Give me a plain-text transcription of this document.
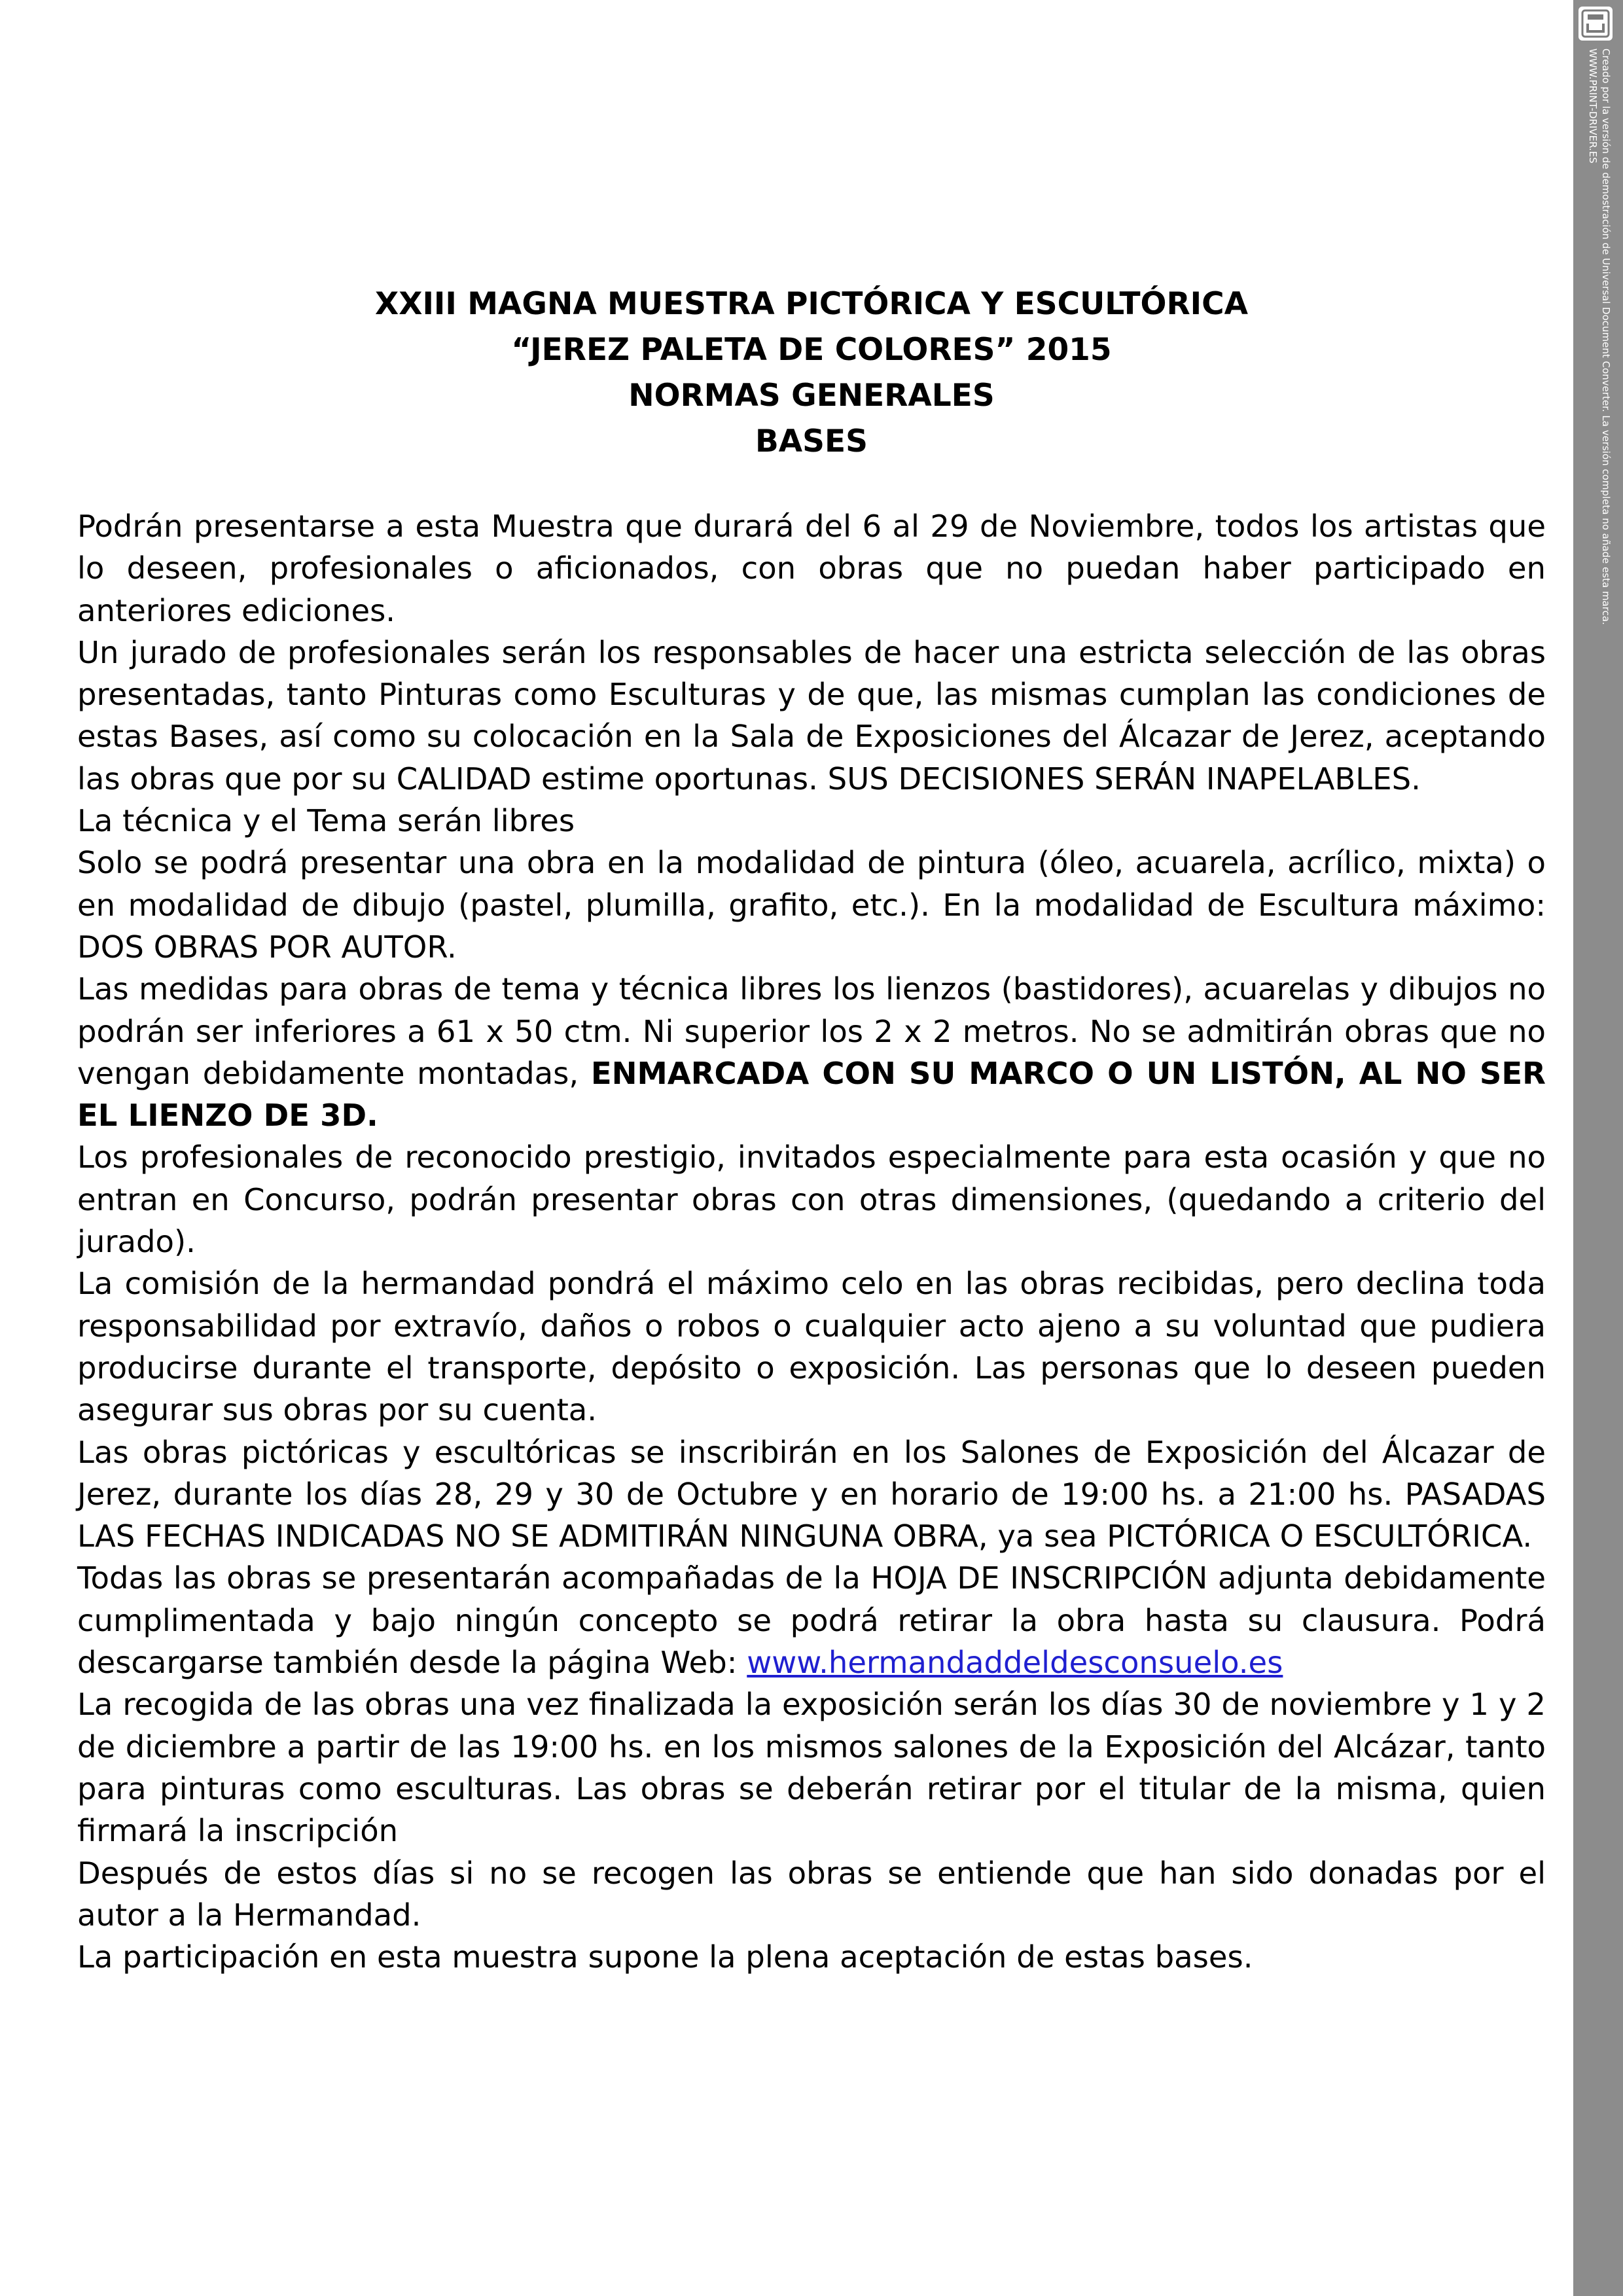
XXIII MAGNA MUESTRA PICTÓRICA Y ESCULTÓRICA
“JEREZ PALETA DE COLORES” 2015
NORMAS GENERALES
BASES

Podrán presentarse a esta Muestra que durará del 6 al 29 de Noviembre, todos los artistas que lo deseen, profesionales o aficionados, con obras que no puedan haber participado en anteriores ediciones.

Un jurado de profesionales serán los responsables de hacer una estricta selección de las obras presentadas, tanto Pinturas como Esculturas y de que, las mismas cumplan las condiciones de estas Bases, así como su colocación en la Sala de Exposiciones del Álcazar de Jerez, aceptando las obras que por su CALIDAD estime oportunas. SUS DECISIONES SERÁN INAPELABLES.

La técnica y el Tema serán libres

Solo se podrá presentar una obra en la modalidad de pintura (óleo, acuarela, acrílico, mixta) o en modalidad de dibujo (pastel, plumilla, grafito, etc.). En la modalidad de Escultura máximo: DOS OBRAS POR AUTOR.

Las medidas para obras de tema y técnica libres los lienzos (bastidores), acuarelas y dibujos no podrán ser inferiores a 61 x 50 ctm. Ni superior los 2 x 2 metros. No se admitirán obras que no vengan debidamente montadas, ENMARCADA CON SU MARCO O UN LISTÓN, AL NO SER EL LIENZO DE 3D.

Los profesionales de reconocido prestigio, invitados especialmente para esta ocasión y que no entran en Concurso, podrán presentar obras con otras dimensiones, (quedando a criterio del jurado).

La comisión de la hermandad pondrá el máximo celo en las obras recibidas, pero declina toda responsabilidad por extravío, daños o robos o cualquier acto ajeno a su voluntad que pudiera producirse durante el transporte, depósito o exposición. Las personas que lo deseen pueden asegurar sus obras por su cuenta.

Las obras pictóricas y escultóricas se inscribirán en los Salones de Exposición del Álcazar de Jerez, durante los días 28, 29 y 30 de Octubre y en horario de 19:00 hs. a 21:00 hs. PASADAS LAS FECHAS INDICADAS NO SE ADMITIRÁN NINGUNA OBRA, ya sea PICTÓRICA O ESCULTÓRICA.

Todas las obras se presentarán acompañadas de la HOJA DE INSCRIPCIÓN adjunta debidamente cumplimentada y bajo ningún concepto se podrá retirar la obra hasta su clausura. Podrá descargarse también desde la página Web: www.hermandaddeldesconsuelo.es

La recogida de las obras una vez finalizada la exposición serán los días 30 de noviembre y 1 y 2 de diciembre a partir de las 19:00 hs. en los mismos salones de la Exposición del Alcázar, tanto para pinturas como esculturas. Las obras se deberán retirar por el titular de la misma, quien firmará la inscripción

Después de estos días si no se recogen las obras se entiende que han sido donadas por el autor a la Hermandad.

La participación en esta muestra supone la plena aceptación de estas bases.

Creado por la versión de demostración de Universal Document Converter. La versión completa no añade esta marca.
WWW.PRINT-DRIVER.ES
